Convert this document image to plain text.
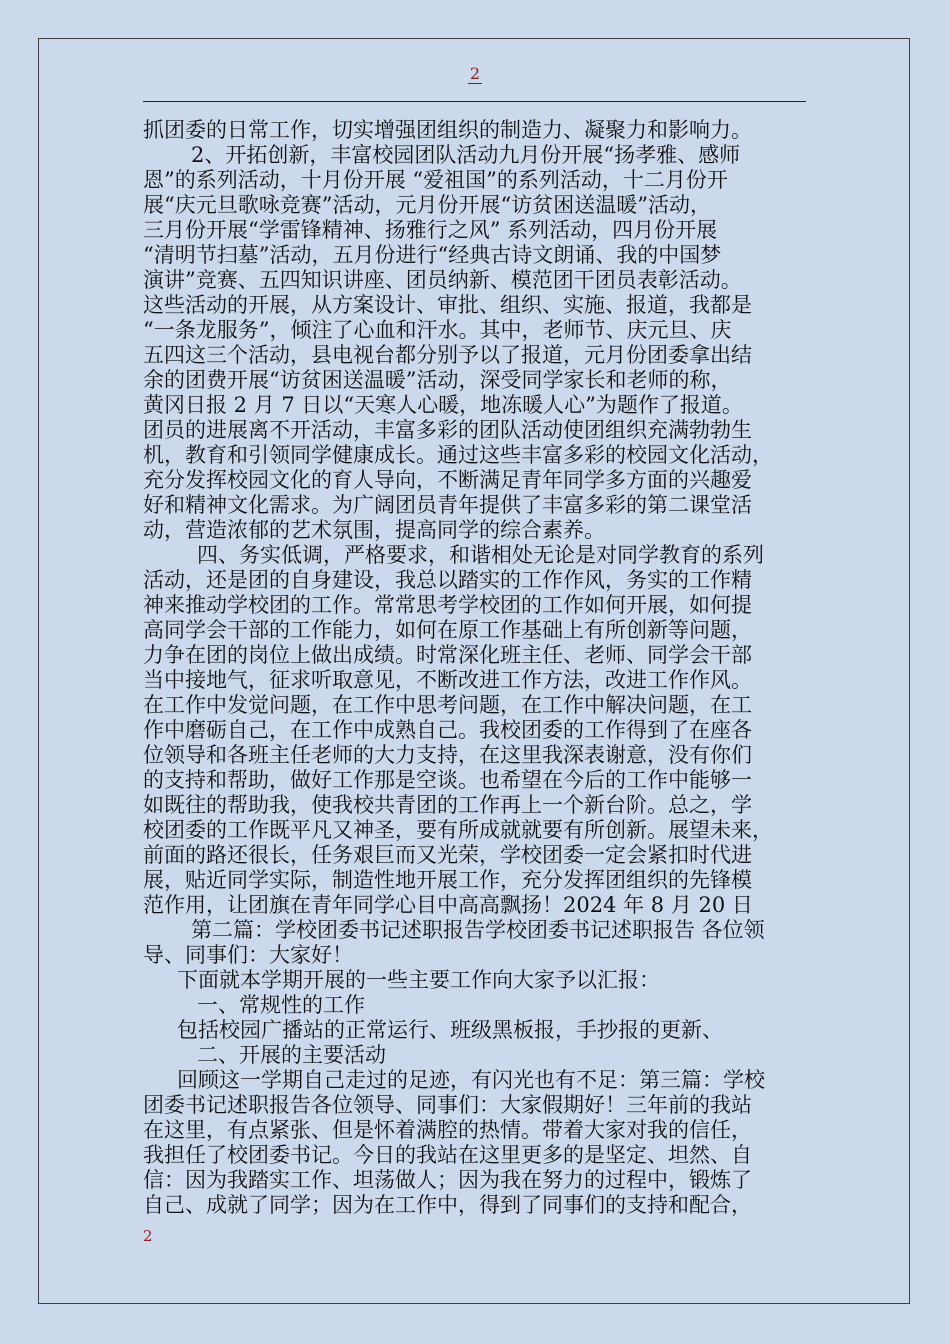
2

抓团委的日常工作，切实增强团组织的制造力、凝聚力和影响力。

2、开拓创新，丰富校园团队活动九月份开展“扬孝雅、感师

恩”的系列活动，十月份开展 “爱祖国”的系列活动，十二月份开

展“庆元旦歌咏竞赛”活动，元月份开展“访贫困送温暖”活动，

三月份开展“学雷锋精神、扬雅行之风” 系列活动，四月份开展

“清明节扫墓”活动，五月份进行“经典古诗文朗诵、我的中国梦

演讲”竞赛、五四知识讲座、团员纳新、模范团干团员表彰活动。

这些活动的开展，从方案设计、审批、组织、实施、报道，我都是

“一条龙服务”，倾注了心血和汗水。其中，老师节、庆元旦、庆

五四这三个活动，县电视台都分别予以了报道，元月份团委拿出结

余的团费开展“访贫困送温暖”活动，深受同学家长和老师的称，

黄冈日报 2 月 7 日以“天寒人心暖，地冻暖人心”为题作了报道。

团员的进展离不开活动，丰富多彩的团队活动使团组织充满勃勃生

机，教育和引领同学健康成长。通过这些丰富多彩的校园文化活动，

充分发挥校园文化的育人导向，不断满足青年同学多方面的兴趣爱

好和精神文化需求。为广阔团员青年提供了丰富多彩的第二课堂活

动，营造浓郁的艺术氛围，提高同学的综合素养。

四、务实低调，严格要求，和谐相处无论是对同学教育的系列

活动，还是团的自身建设，我总以踏实的工作作风，务实的工作精

神来推动学校团的工作。常常思考学校团的工作如何开展，如何提

高同学会干部的工作能力，如何在原工作基础上有所创新等问题，

力争在团的岗位上做出成绩。时常深化班主任、老师、同学会干部

当中接地气，征求听取意见，不断改进工作方法，改进工作作风。

在工作中发觉问题，在工作中思考问题，在工作中解决问题，在工

作中磨砺自己，在工作中成熟自己。我校团委的工作得到了在座各

位领导和各班主任老师的大力支持，在这里我深表谢意，没有你们

的支持和帮助，做好工作那是空谈。也希望在今后的工作中能够一

如既往的帮助我，使我校共青团的工作再上一个新台阶。总之，学

校团委的工作既平凡又神圣，要有所成就就要有所创新。展望未来，

前面的路还很长，任务艰巨而又光荣，学校团委一定会紧扣时代进

展，贴近同学实际，制造性地开展工作，充分发挥团组织的先锋模

范作用，让团旗在青年同学心目中高高飘扬！2024 年 8 月 20 日

第二篇：学校团委书记述职报告学校团委书记述职报告 各位领

导、同事们：大家好！

下面就本学期开展的一些主要工作向大家予以汇报：

一、常规性的工作

包括校园广播站的正常运行、班级黑板报，手抄报的更新、

二、开展的主要活动

回顾这一学期自己走过的足迹，有闪光也有不足：第三篇：学校

团委书记述职报告各位领导、同事们：大家假期好！三年前的我站

在这里，有点紧张、但是怀着满腔的热情。带着大家对我的信任，

我担任了校团委书记。今日的我站在这里更多的是坚定、坦然、自

信：因为我踏实工作、坦荡做人；因为我在努力的过程中，锻炼了

自己、成就了同学；因为在工作中，得到了同事们的支持和配合，

2
